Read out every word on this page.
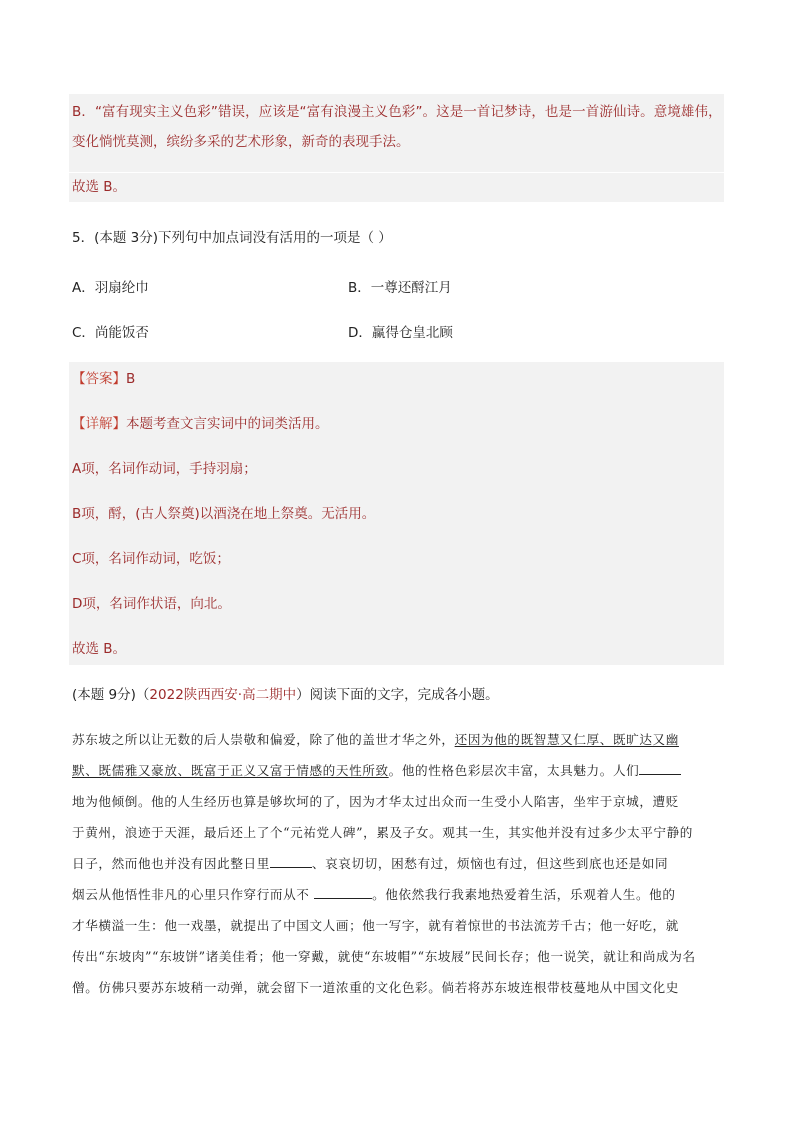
B．“富有现实主义色彩”错误，应该是“富有浪漫主义色彩”。这是一首记梦诗，也是一首游仙诗。意境雄伟，
变化惝恍莫测，缤纷多采的艺术形象，新奇的表现手法。
故选 B。
5．(本题 3分)下列句中加点词没有活用的一项是（ ）
A．羽扇纶巾	B．一尊还酹江月
C．尚能饭否	D．赢得仓皇北顾
【答案】B
【详解】本题考查文言实词中的词类活用。
A项，名词作动词，手持羽扇；
B项，酹，(古人祭奠)以酒浇在地上祭奠。无活用。
C项，名词作动词，吃饭；
D项，名词作状语，向北。
故选 B。
(本题 9分)（2022陕西西安·高二期中）阅读下面的文字，完成各小题。
苏东坡之所以让无数的后人崇敬和偏爱，除了他的盖世才华之外，还因为他的既智慧又仁厚、既旷达又幽
默、既儒雅又豪放、既富于正义又富于情感的天性所致。他的性格色彩层次丰富，太具魅力。人们
地为他倾倒。他的人生经历也算是够坎坷的了，因为才华太过出众而一生受小人陷害，坐牢于京城，遭贬
于黄州，浪迹于天涯，最后还上了个“元祐党人碑”，累及子女。观其一生，其实他并没有过多少太平宁静的
日子，然而他也并没有因此整日里	、哀哀切切，困愁有过，烦恼也有过，但这些到底也还是如同
烟云从他悟性非凡的心里只作穿行而从不	。他依然我行我素地热爱着生活，乐观着人生。他的
才华横溢一生：他一戏墨，就提出了中国文人画；他一写字，就有着惊世的书法流芳千古；他一好吃，就
传出“东坡肉”“东坡饼”诸美佳肴；他一穿戴，就使“东坡帽”“东坡屐”民间长存；他一说笑，就让和尚成为名
僧。仿佛只要苏东坡稍一动弹，就会留下一道浓重的文化色彩。倘若将苏东坡连根带枝蔓地从中国文化史
